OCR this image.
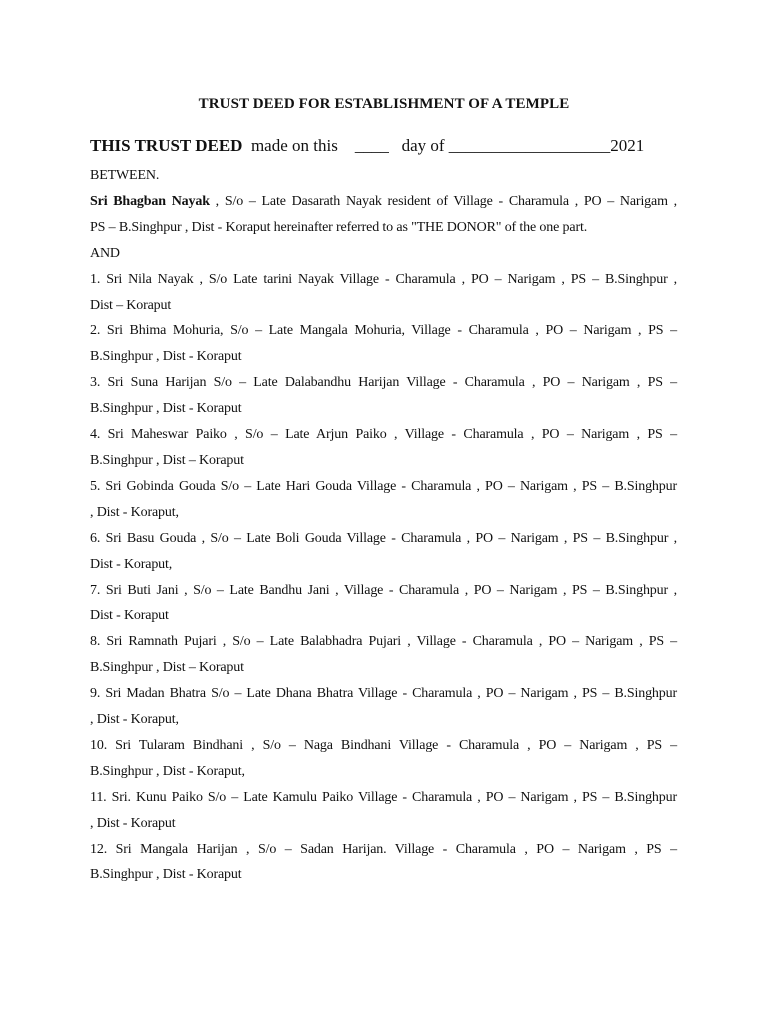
TRUST DEED FOR ESTABLISHMENT OF A TEMPLE
THIS TRUST DEED made on this ____ day of ___________________2021

BETWEEN.

Sri Bhagban Nayak , S/o – Late Dasarath Nayak resident of Village - Charamula , PO – Narigam ,

PS – B.Singhpur , Dist - Koraput hereinafter referred to as "THE DONOR" of the one part.

AND

1. Sri Nila Nayak , S/o Late tarini Nayak Village - Charamula , PO – Narigam , PS – B.Singhpur ,

Dist – Koraput

2. Sri Bhima Mohuria, S/o – Late Mangala Mohuria, Village - Charamula , PO – Narigam , PS –

B.Singhpur , Dist - Koraput

3. Sri Suna Harijan S/o – Late Dalabandhu Harijan Village - Charamula , PO – Narigam , PS –

B.Singhpur , Dist - Koraput

4. Sri Maheswar Paiko , S/o – Late Arjun Paiko , Village - Charamula , PO – Narigam , PS –

B.Singhpur , Dist – Koraput

5. Sri Gobinda Gouda S/o – Late Hari Gouda Village - Charamula , PO – Narigam , PS – B.Singhpur

, Dist - Koraput,

6. Sri Basu Gouda , S/o – Late Boli Gouda Village - Charamula , PO – Narigam , PS – B.Singhpur ,

Dist - Koraput,

7. Sri Buti Jani , S/o – Late Bandhu Jani , Village - Charamula , PO – Narigam , PS – B.Singhpur ,

Dist - Koraput

8. Sri Ramnath Pujari , S/o – Late Balabhadra Pujari , Village - Charamula , PO – Narigam , PS –

B.Singhpur , Dist – Koraput

9. Sri Madan Bhatra S/o – Late Dhana Bhatra Village - Charamula , PO – Narigam , PS – B.Singhpur

, Dist - Koraput,

10. Sri Tularam Bindhani , S/o – Naga Bindhani Village - Charamula , PO – Narigam , PS –

B.Singhpur , Dist - Koraput,

11. Sri. Kunu Paiko S/o – Late Kamulu Paiko Village - Charamula , PO – Narigam , PS – B.Singhpur

, Dist - Koraput

12. Sri Mangala Harijan , S/o – Sadan Harijan. Village - Charamula , PO – Narigam , PS –

B.Singhpur , Dist - Koraput
